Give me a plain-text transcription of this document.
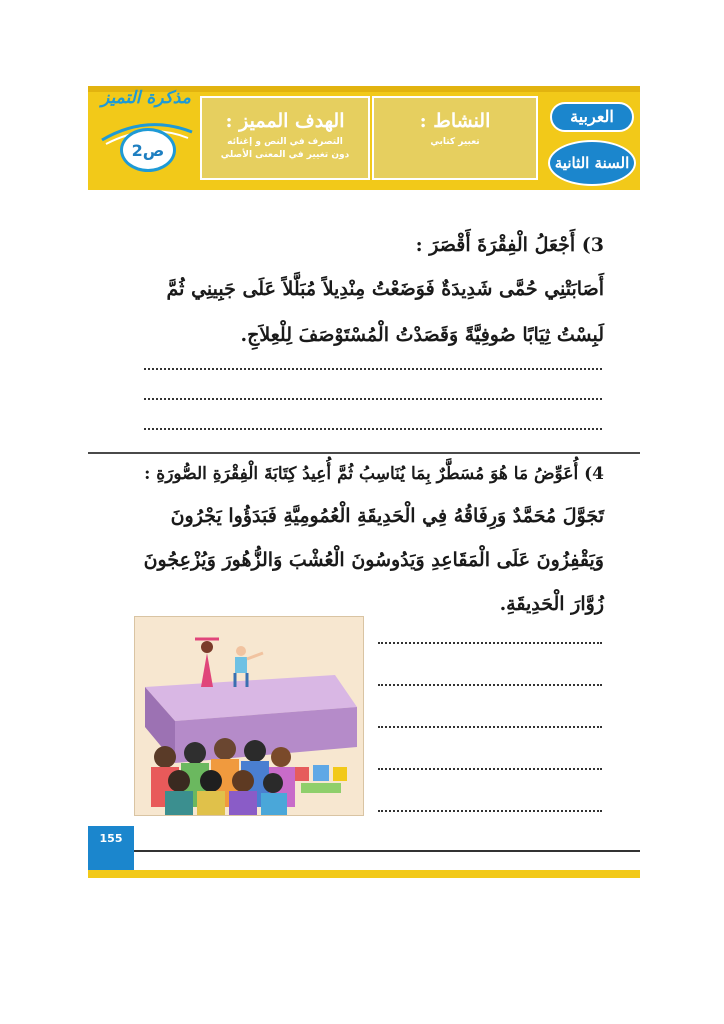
مذكرة التميز
2ص
الهدف المميز :
التصرف في النص و إغنائه
دون تغيير في المعنى الأصلي
النشاط :
تعبير كتابي
العربية
السنة الثانية
3) أَجْعَلُ الْفِقْرَةَ أَقْصَرَ :
أَصَابَتْنِي حُمَّى شَدِيدَةٌ فَوَضَعْتُ مِنْدِيلاً مُبَلَّلاً عَلَى جَبِينِي ثُمَّ
لَبِسْتُ ثِيَابًا صُوفِيَّةً وَقَصَدْتُ الْمُسْتَوْصَفَ لِلْعِلاَجِ.
4) أُعَوِّضُ مَا هُوَ مُسَطَّرٌ بِمَا يُنَاسِبُ ثُمَّ أُعِيدُ كِتَابَةَ الْفِقْرَةِ الصُّورَةِ :
تَجَوَّلَ مُحَمَّدٌ وَرِفَاقُهُ فِي الْحَدِيقَةِ الْعُمُومِيَّةِ فَبَدَؤُوا يَجْرُونَ
وَيَقْفِزُونَ عَلَى الْمَقَاعِدِ وَيَدُوسُونَ الْعُشْبَ وَالزُّهُورَ وَيُزْعِجُونَ
زُوَّارَ الْحَدِيقَةِ.
155
